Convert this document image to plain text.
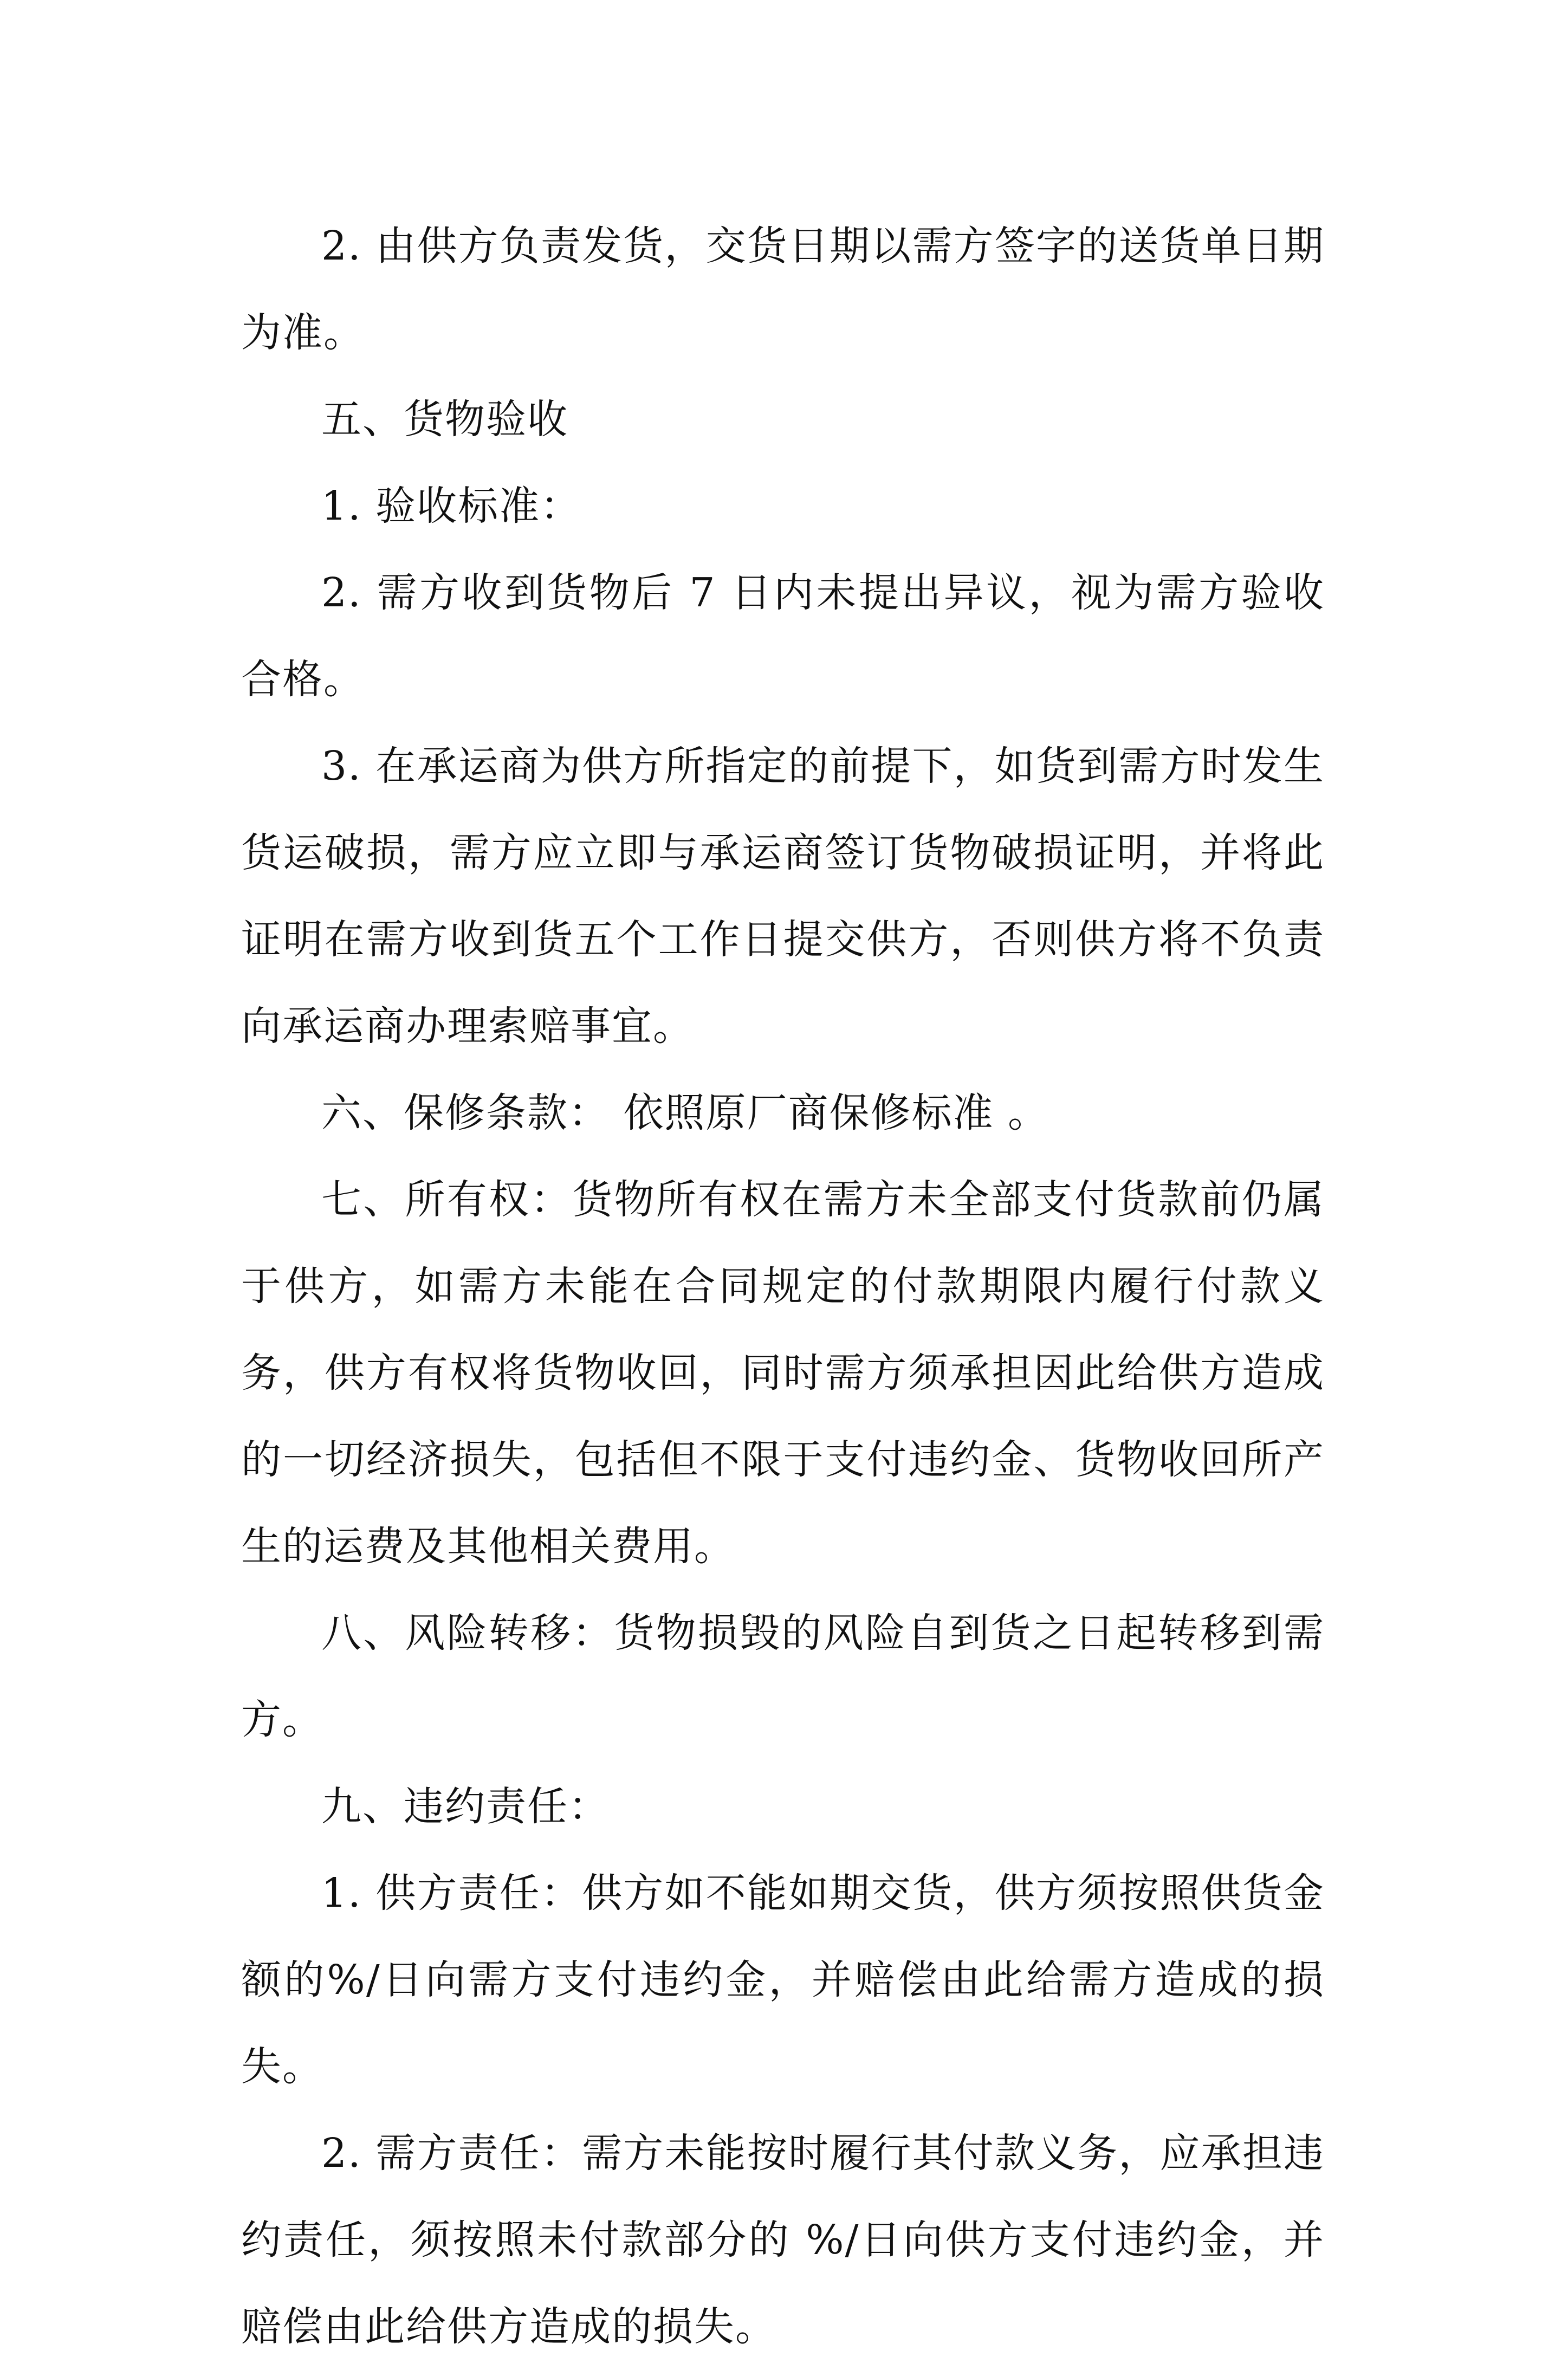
2. 由供方负责发货，交货日期以需方签字的送货单日期为准。

五、货物验收

1. 验收标准：

2. 需方收到货物后 7 日内未提出异议，视为需方验收合格。

3. 在承运商为供方所指定的前提下，如货到需方时发生货运破损，需方应立即与承运商签订货物破损证明，并将此证明在需方收到货五个工作日提交供方，否则供方将不负责向承运商办理索赔事宜。

六、保修条款： 依照原厂商保修标准 。

七、所有权：货物所有权在需方未全部支付货款前仍属于供方，如需方未能在合同规定的付款期限内履行付款义务，供方有权将货物收回，同时需方须承担因此给供方造成的一切经济损失，包括但不限于支付违约金、货物收回所产生的运费及其他相关费用。

八、风险转移：货物损毁的风险自到货之日起转移到需方。

九、违约责任：

1. 供方责任：供方如不能如期交货，供方须按照供货金额的%/日向需方支付违约金，并赔偿由此给需方造成的损失。

2. 需方责任：需方未能按时履行其付款义务，应承担违约责任，须按照未付款部分的 %/日向供方支付违约金，并赔偿由此给供方造成的损失。
